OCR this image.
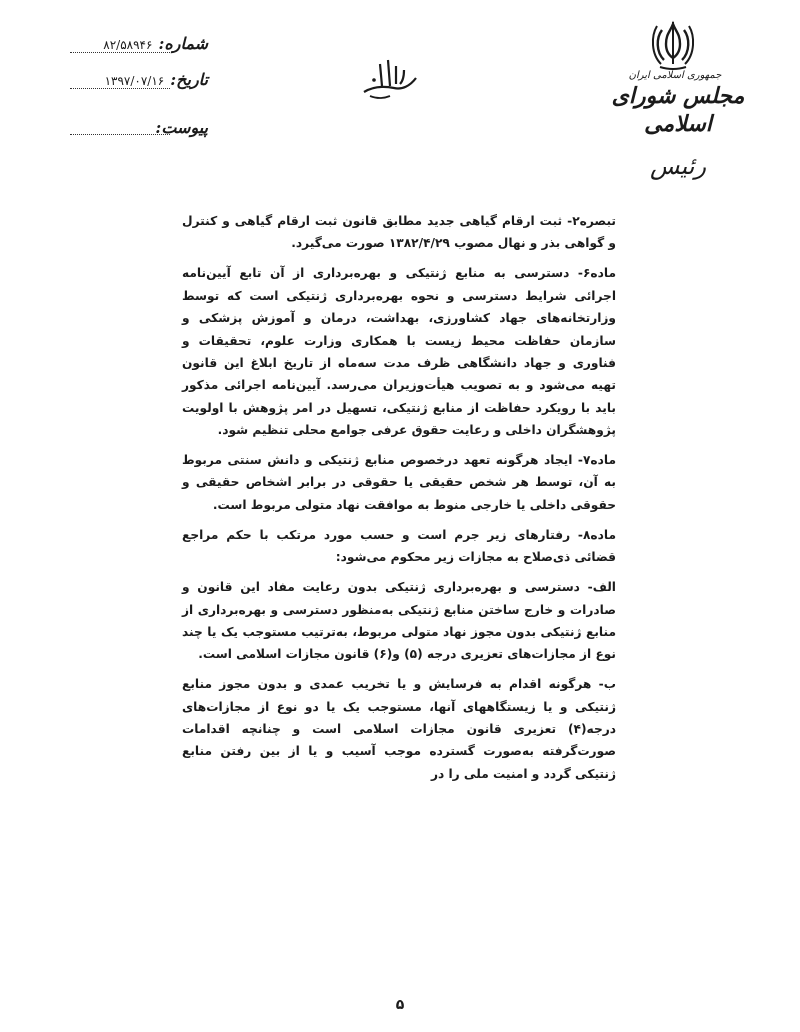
جمهوری اسلامی ایران
مجلس شورای اسلامی
رئیس
شماره:۸۲/۵۸۹۴۶
تاریخ:۱۳۹۷/۰۷/۱۶
پیوست:

تبصره۲- ثبت ارقام گیاهی جدید مطابق قانون ثبت ارقام گیاهی و کنترل و گواهی بذر و نهال مصوب ۱۳۸۲/۴/۲۹ صورت می‌گیرد.

ماده۶- دسترسی به منابع ژنتیکی و بهره‌برداری از آن تابع آیین‌نامه اجرائی شرایط دسترسی و نحوه بهره‌برداری ژنتیکی است که توسط وزارتخانه‌های جهاد کشاورزی، بهداشت، درمان و آموزش پزشکی و سازمان حفاظت محیط زیست با همکاری وزارت علوم، تحقیقات و فناوری و جهاد دانشگاهی ظرف مدت سه‌ماه از تاریخ ابلاغ این قانون تهیه می‌شود و به تصویب هیأت‌وزیران می‌رسد. آیین‌نامه اجرائی مذکور باید با رویکرد حفاظت از منابع ژنتیکی، تسهیل در امر پژوهش با اولویت پژوهشگران داخلی و رعایت حقوق عرفی جوامع محلی تنظیم شود.

ماده۷- ایجاد هرگونه تعهد درخصوص منابع ژنتیکی و دانش سنتی مربوط به آن، توسط هر شخص حقیقی یا حقوقی در برابر اشخاص حقیقی و حقوقی داخلی یا خارجی منوط به موافقت نهاد متولی مربوط است.

ماده۸- رفتارهای زیر جرم است و حسب مورد مرتکب با حکم مراجع قضائی ذی‌صلاح به مجازات زیر محکوم می‌شود:

الف- دسترسی و بهره‌برداری ژنتیکی بدون رعایت مفاد این قانون و صادرات و خارج ساختن منابع ژنتیکی به‌منظور دسترسی و بهره‌برداری از منابع ژنتیکی بدون مجوز نهاد متولی مربوط، به‌ترتیب مستوجب یک یا چند نوع از مجازات‌های تعزیری درجه (۵) و(۶) قانون مجازات اسلامی است.

ب- هرگونه اقدام به فرسایش و یا تخریب عمدی و بدون مجوز منابع ژنتیکی و یا زیستگاههای آنها، مستوجب یک یا دو نوع از مجازات‌های درجه(۴) تعزیری قانون مجازات اسلامی است و چنانچه اقدامات صورت‌گرفته به‌صورت گسترده موجب آسیب و یا از بین رفتن منابع ژنتیکی گردد و امنیت ملی را در

۵
